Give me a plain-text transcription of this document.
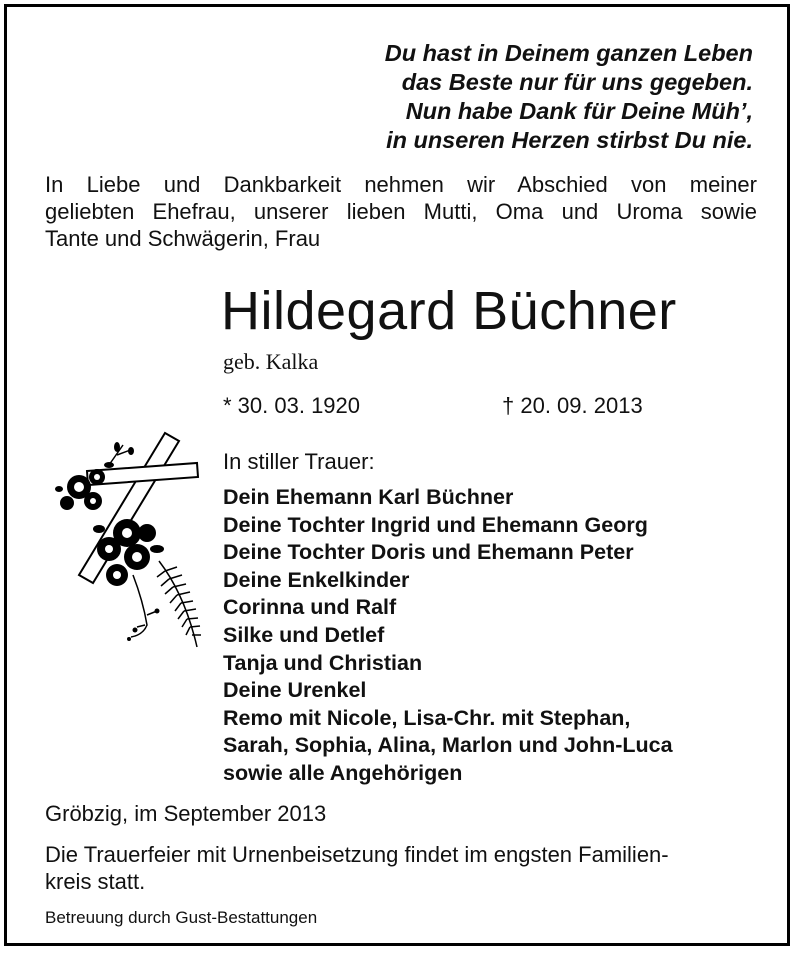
Du hast in Deinem ganzen Leben
das Beste nur für uns gegeben.
Nun habe Dank für Deine Müh’,
in unseren Herzen stirbst Du nie.
In Liebe und Dankbarkeit nehmen wir Abschied von meiner
geliebten Ehefrau, unserer lieben Mutti, Oma und Uroma sowie
Tante und Schwägerin, Frau
Hildegard Büchner
geb. Kalka
* 30. 03. 1920	† 20. 09. 2013
In stiller Trauer:
Dein Ehemann Karl Büchner
Deine Tochter Ingrid und Ehemann Georg
Deine Tochter Doris und Ehemann Peter
Deine Enkelkinder
Corinna und Ralf
Silke und Detlef
Tanja und Christian
Deine Urenkel
Remo mit Nicole, Lisa-Chr. mit Stephan,
Sarah, Sophia, Alina, Marlon und John-Luca
sowie alle Angehörigen
Gröbzig, im September 2013
Die Trauerfeier mit Urnenbeisetzung findet im engsten Familien-
kreis statt.
Betreuung durch Gust-Bestattungen
